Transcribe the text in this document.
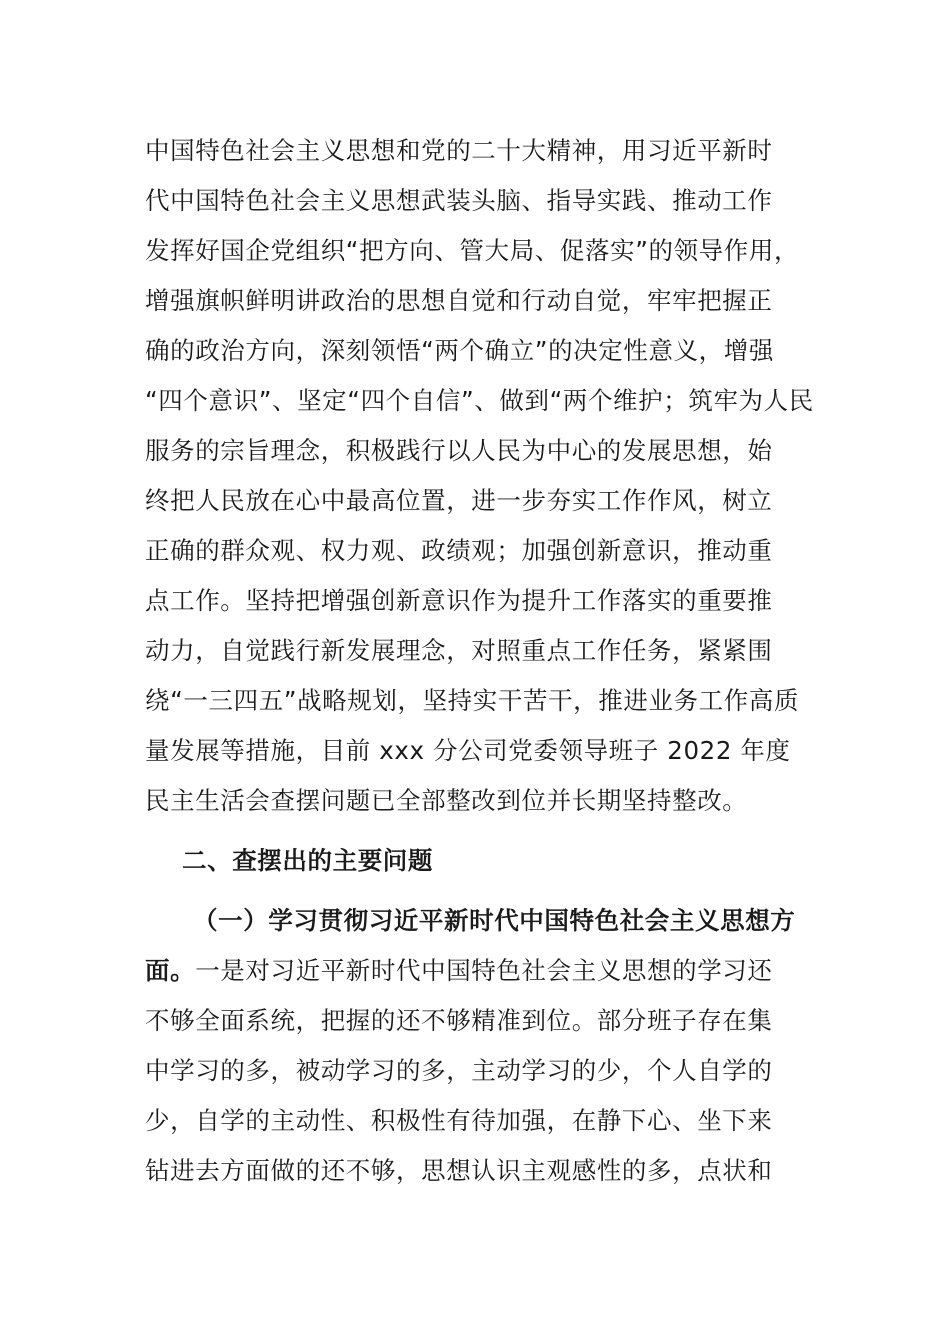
中国特色社会主义思想和党的二十大精神，用习近平新时
代中国特色社会主义思想武装头脑、指导实践、推动工作
发挥好国企党组织“把方向、管大局、促落实”的领导作用，
增强旗帜鲜明讲政治的思想自觉和行动自觉，牢牢把握正
确的政治方向，深刻领悟“两个确立”的决定性意义，增强
“四个意识”、坚定“四个自信”、做到“两个维护；筑牢为人民
服务的宗旨理念，积极践行以人民为中心的发展思想，始
终把人民放在心中最高位置，进一步夯实工作作风，树立
正确的群众观、权力观、政绩观；加强创新意识，推动重
点工作。坚持把增强创新意识作为提升工作落实的重要推
动力，自觉践行新发展理念，对照重点工作任务，紧紧围
绕“一三四五”战略规划，坚持实干苦干，推进业务工作高质
量发展等措施，目前 xxx 分公司党委领导班子 2022 年度
民主生活会查摆问题已全部整改到位并长期坚持整改。
二、查摆出的主要问题
（一）学习贯彻习近平新时代中国特色社会主义思想方
面。一是对习近平新时代中国特色社会主义思想的学习还
不够全面系统，把握的还不够精准到位。部分班子存在集
中学习的多，被动学习的多，主动学习的少，个人自学的
少，自学的主动性、积极性有待加强，在静下心、坐下来
钻进去方面做的还不够，思想认识主观感性的多，点状和
